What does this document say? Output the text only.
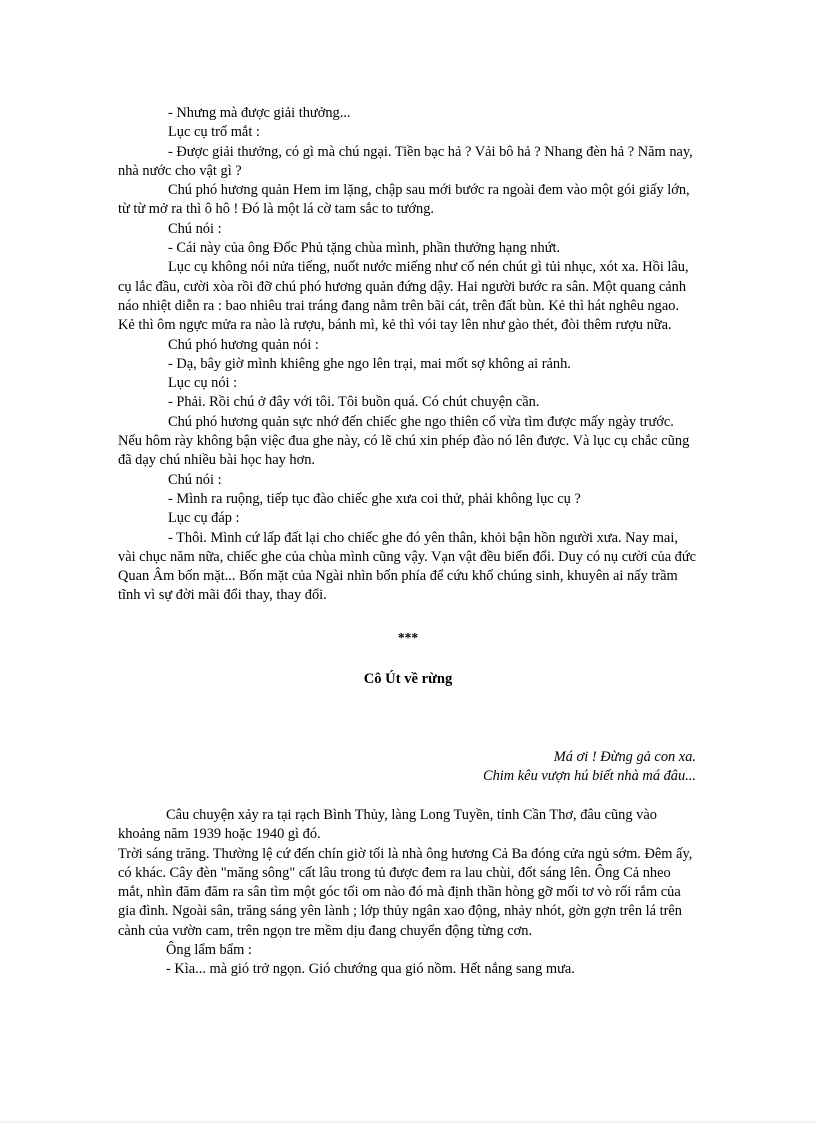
- Nhưng mà được giải thưởng...

Lục cụ trố mắt :

- Được giải thưởng, có gì mà chú ngại. Tiền bạc hả ? Vải bô hả ? Nhang đèn hả ? Năm nay, nhà nước cho vật gì ?

Chú phó hương quản Hem im lặng, chập sau mới bước ra ngoài đem vào một gói giấy lớn, từ từ mở ra thì ô hô ! Đó là một lá cờ tam sắc to tướng.

Chú nói :

- Cái này của ông Đốc Phủ tặng chùa mình, phần thưởng hạng nhứt.

Lục cụ không nói nửa tiếng, nuốt nước miếng như cố nén chút gì tủi nhục, xót xa. Hồi lâu, cụ lắc đầu, cười xòa rồi đỡ chú phó hương quản đứng dậy. Hai người bước ra sân. Một quang cảnh náo nhiệt diễn ra : bao nhiêu trai tráng đang nằm trên bãi cát, trên đất bùn. Kẻ thì hát nghêu ngao. Kẻ thì ôm ngực mửa ra nào là rượu, bánh mì, kẻ thì vói tay lên như gào thét, đòi thêm rượu nữa.

Chú phó hương quản nói :

- Dạ, bây giờ mình khiêng ghe ngo lên trại, mai mốt sợ không ai rảnh.

Lục cụ nói :

- Phải. Rồi chú ở đây với tôi. Tôi buồn quá. Có chút chuyện cần.

Chú phó hương quản sực nhớ đến chiếc ghe ngo thiên cổ vừa tìm được mấy ngày trước. Nếu hôm rày không bận việc đua ghe này, có lẽ chú xin phép đào nó lên được. Và lục cụ chắc cũng đã dạy chú nhiều bài học hay hơn.

Chú nói :

- Mình ra ruộng, tiếp tục đào chiếc ghe xưa coi thử, phải không lục cụ ?

Lục cụ đáp :

- Thôi. Mình cứ lấp đất lại cho chiếc ghe đó yên thân, khỏi bận hồn người xưa. Nay mai, vài chục năm nữa, chiếc ghe của chùa mình cũng vậy. Vạn vật đều biến đổi. Duy có nụ cười của đức Quan Âm bốn mặt... Bốn mặt của Ngài nhìn bốn phía để cứu khổ chúng sinh, khuyên ai nấy trầm tĩnh vì sự đời mãi đổi thay, thay đổi.

***
Cô Út về rừng
Má ơi ! Đừng gả con xa.
Chim kêu vượn hú biết nhà má đâu...

Câu chuyện xảy ra tại rạch Bình Thủy, làng Long Tuyền, tỉnh Cần Thơ, đâu cũng vào khoảng năm 1939 hoặc 1940 gì đó.

Trời sáng trăng. Thường lệ cứ đến chín giờ tối là nhà ông hương Cả Ba đóng cửa ngủ sớm. Đêm ấy, có khác. Cây đèn "măng sông" cất lâu trong tủ được đem ra lau chùi, đốt sáng lên. Ông Cả nheo mắt, nhìn đăm đăm ra sân tìm một góc tối om nào đó mà định thần hòng gỡ mối tơ vò rối rắm của gia đình. Ngoài sân, trăng sáng yên lành ; lớp thủy ngân xao động, nhảy nhót, gờn gợn trên lá trên cành của vườn cam, trên ngọn tre mềm dịu đang chuyển động từng cơn.

Ông lẩm bẩm :

- Kìa... mà gió trở ngọn. Gió chướng qua gió nồm. Hết nắng sang mưa.
